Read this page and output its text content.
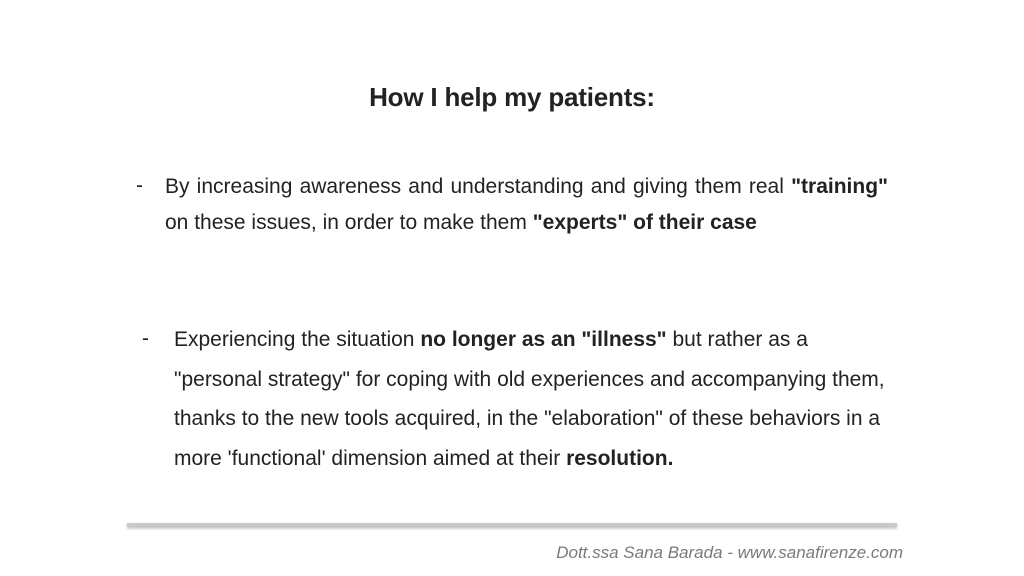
How I help my patients:
- By increasing awareness and understanding and giving them real "training" on these issues, in order to make them "experts" of their case
- Experiencing the situation no longer as an "illness" but rather as a "personal strategy" for coping with old experiences and accompanying them, thanks to the new tools acquired, in the "elaboration" of these behaviors in a more 'functional' dimension aimed at their resolution.
Dott.ssa Sana Barada - www.sanafirenze.com
